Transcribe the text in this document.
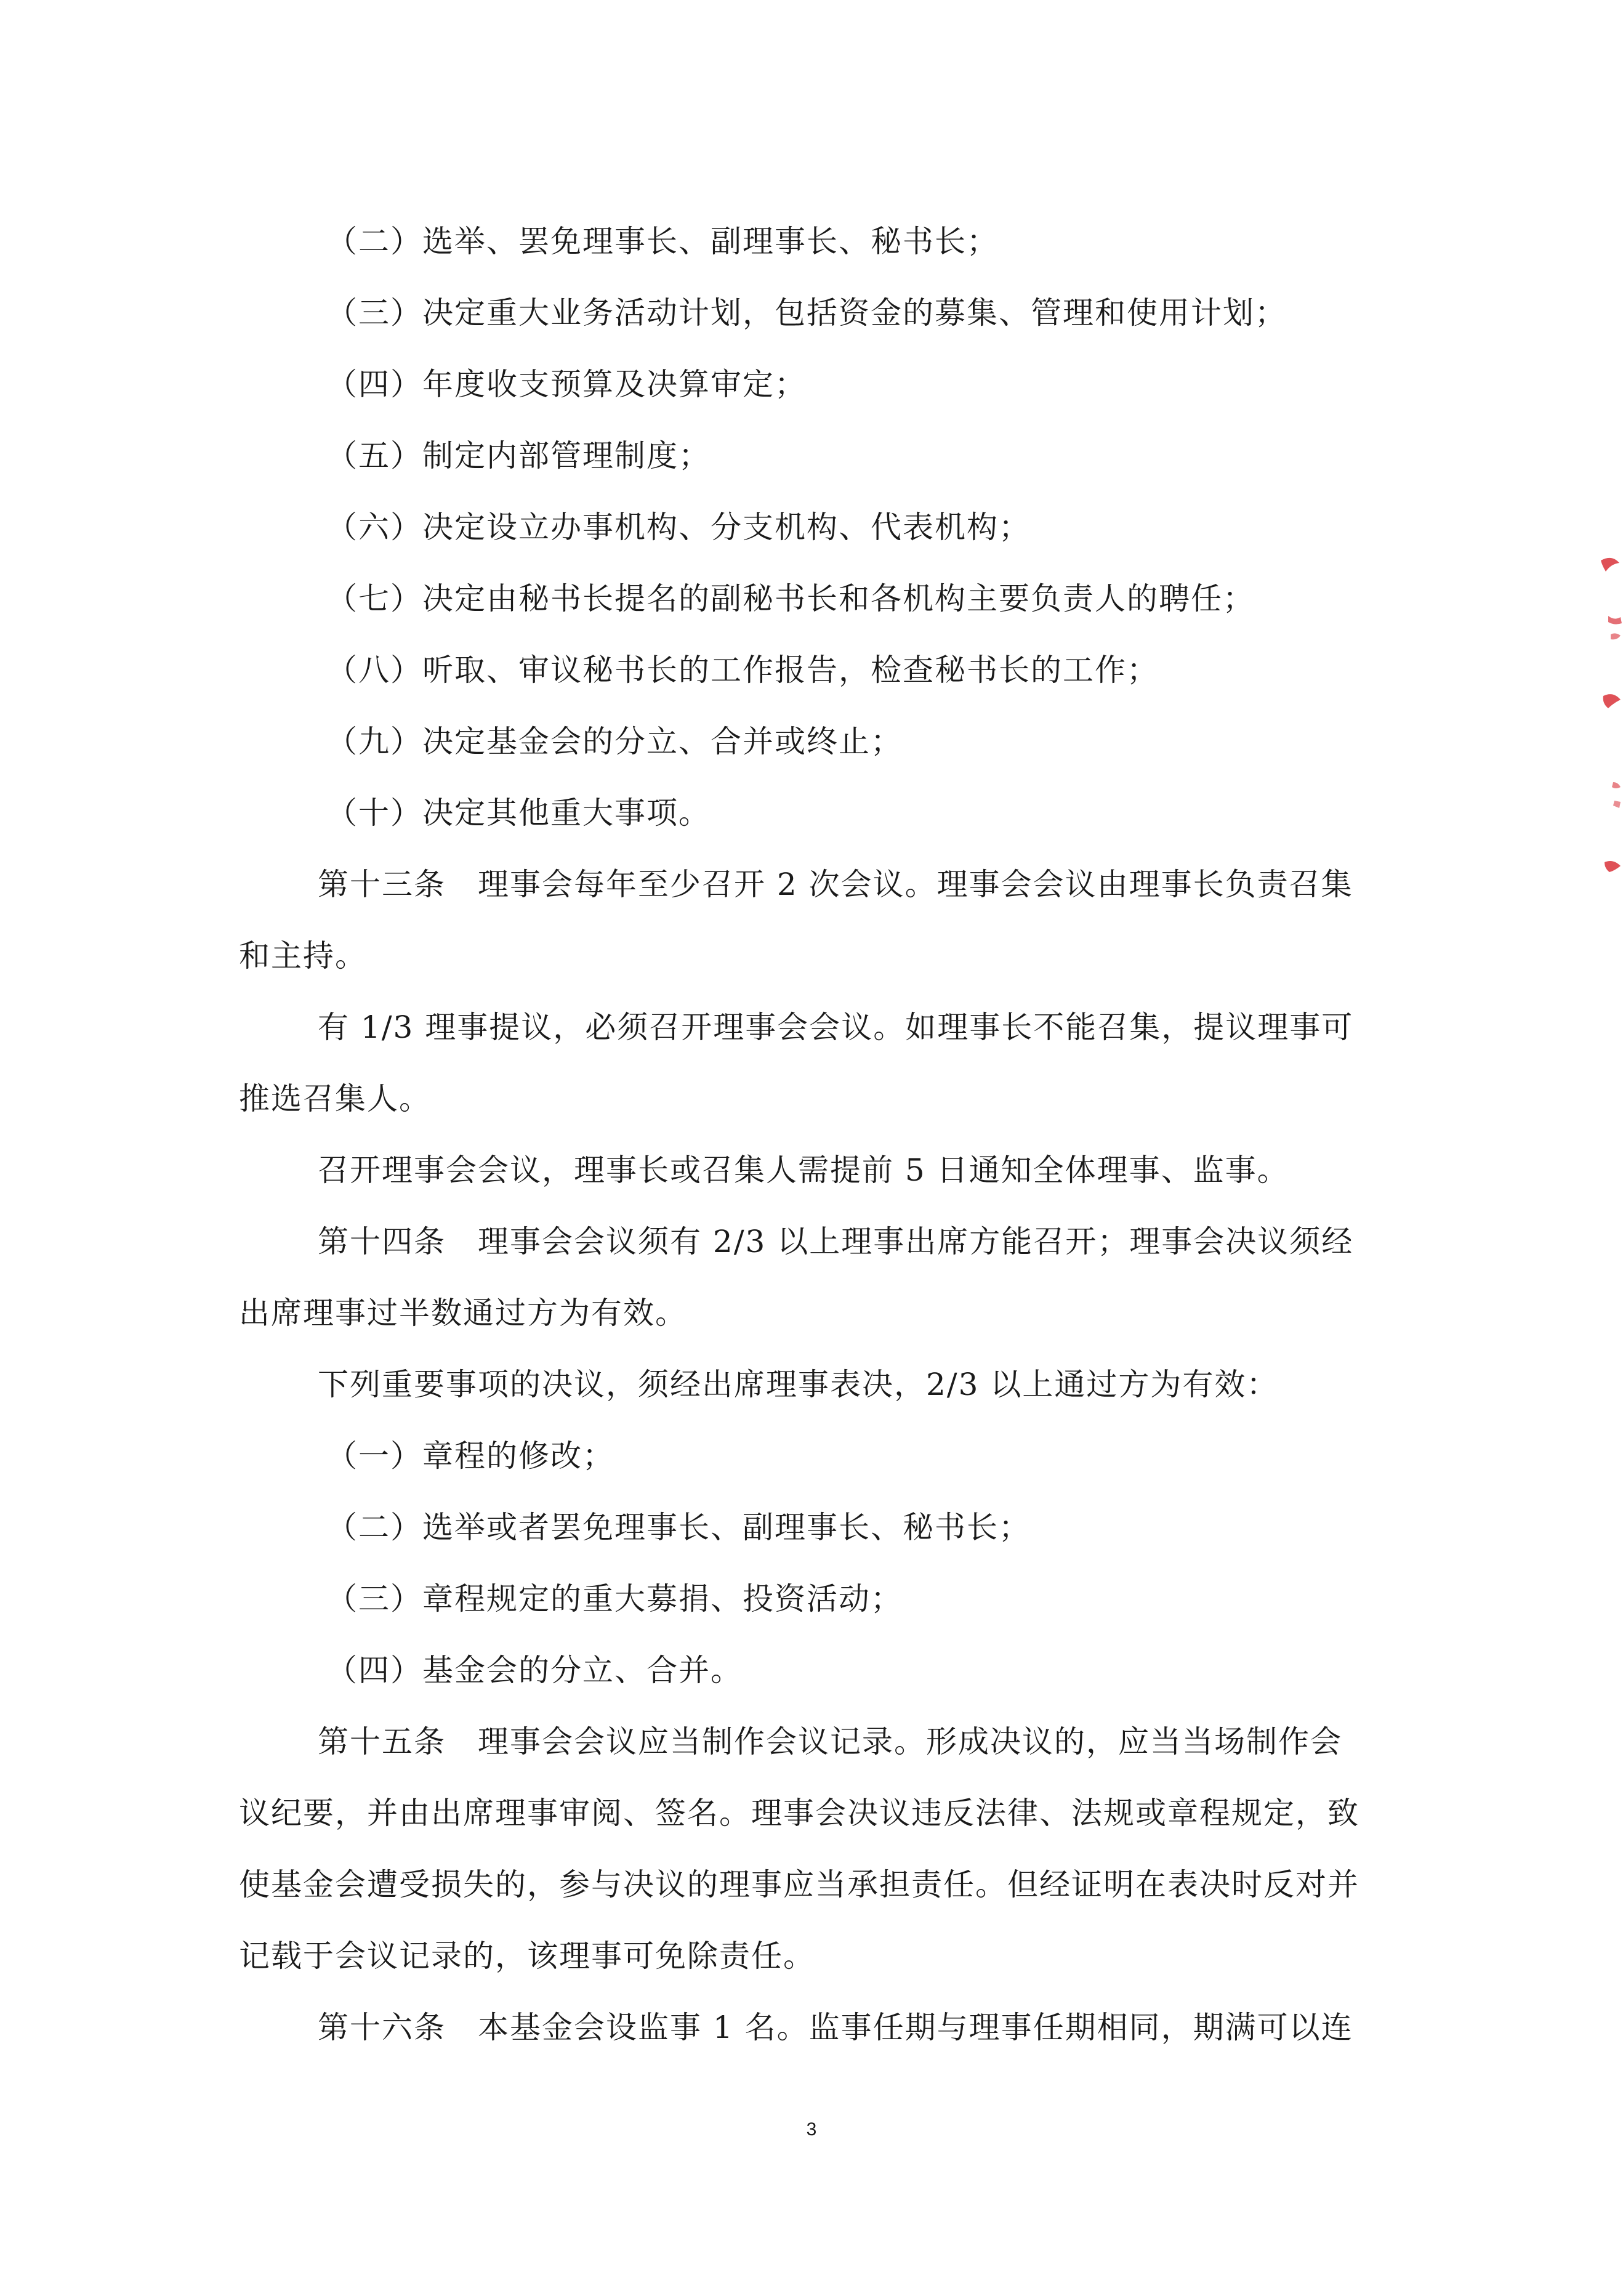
（二）选举、罢免理事长、副理事长、秘书长；
（三）决定重大业务活动计划，包括资金的募集、管理和使用计划；
（四）年度收支预算及决算审定；
（五）制定内部管理制度；
（六）决定设立办事机构、分支机构、代表机构；
（七）决定由秘书长提名的副秘书长和各机构主要负责人的聘任；
（八）听取、审议秘书长的工作报告，检查秘书长的工作；
（九）决定基金会的分立、合并或终止；
（十）决定其他重大事项。
第十三条　理事会每年至少召开 2 次会议。理事会会议由理事长负责召集
和主持。
有 1/3 理事提议，必须召开理事会会议。如理事长不能召集，提议理事可
推选召集人。
召开理事会会议，理事长或召集人需提前 5 日通知全体理事、监事。
第十四条　理事会会议须有 2/3 以上理事出席方能召开；理事会决议须经
出席理事过半数通过方为有效。
下列重要事项的决议，须经出席理事表决，2/3 以上通过方为有效：
（一）章程的修改；
（二）选举或者罢免理事长、副理事长、秘书长；
（三）章程规定的重大募捐、投资活动；
（四）基金会的分立、合并。
第十五条　理事会会议应当制作会议记录。形成决议的，应当当场制作会
议纪要，并由出席理事审阅、签名。理事会决议违反法律、法规或章程规定，致
使基金会遭受损失的，参与决议的理事应当承担责任。但经证明在表决时反对并
记载于会议记录的，该理事可免除责任。
第十六条　本基金会设监事 1 名。监事任期与理事任期相同，期满可以连
3
